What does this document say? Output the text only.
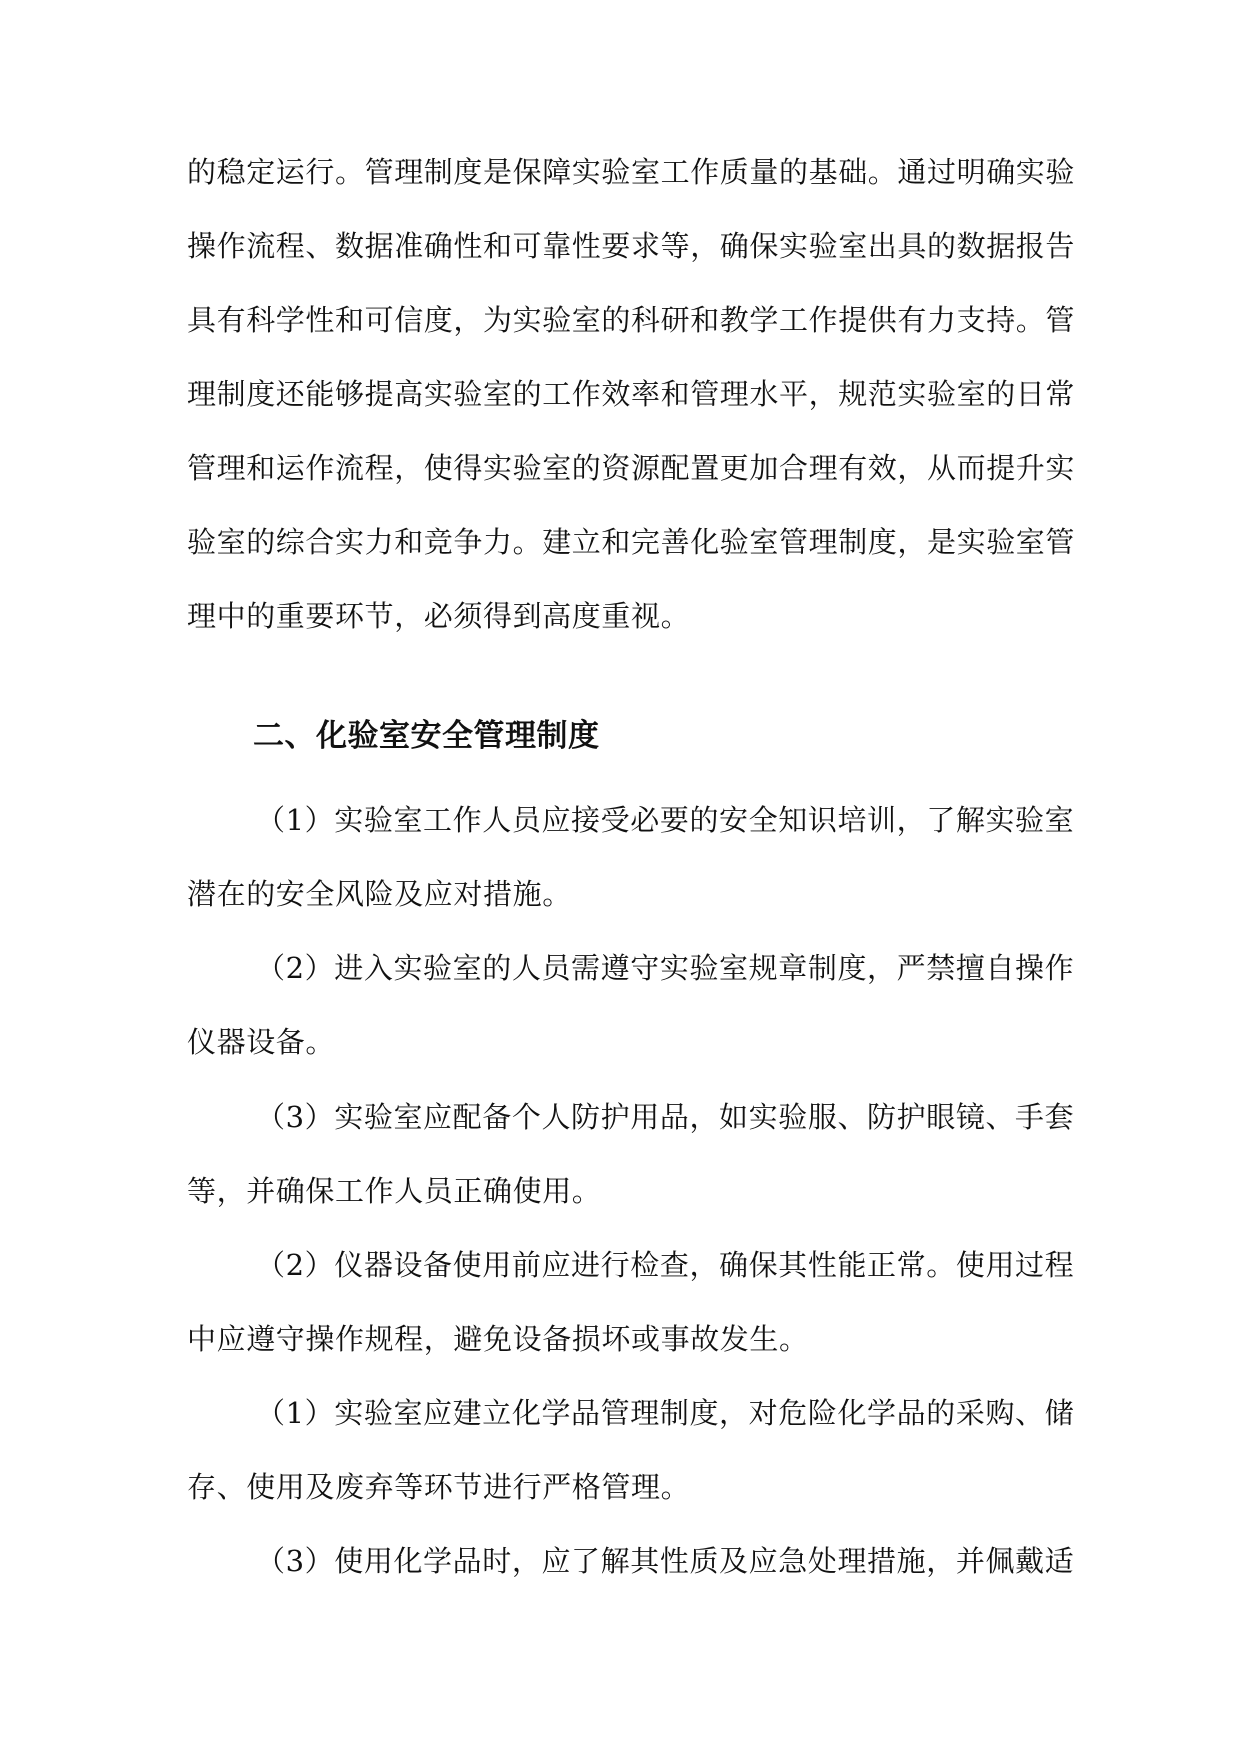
的稳定运行。管理制度是保障实验室工作质量的基础。通过明确实验
操作流程、数据准确性和可靠性要求等，确保实验室出具的数据报告
具有科学性和可信度，为实验室的科研和教学工作提供有力支持。管
理制度还能够提高实验室的工作效率和管理水平，规范实验室的日常
管理和运作流程，使得实验室的资源配置更加合理有效，从而提升实
验室的综合实力和竞争力。建立和完善化验室管理制度，是实验室管
理中的重要环节，必须得到高度重视。
二、化验室安全管理制度
（1）实验室工作人员应接受必要的安全知识培训，了解实验室
潜在的安全风险及应对措施。
（2）进入实验室的人员需遵守实验室规章制度，严禁擅自操作
仪器设备。
（3）实验室应配备个人防护用品，如实验服、防护眼镜、手套
等，并确保工作人员正确使用。
（2）仪器设备使用前应进行检查，确保其性能正常。使用过程
中应遵守操作规程，避免设备损坏或事故发生。
（1）实验室应建立化学品管理制度，对危险化学品的采购、储
存、使用及废弃等环节进行严格管理。
（3）使用化学品时，应了解其性质及应急处理措施，并佩戴适
